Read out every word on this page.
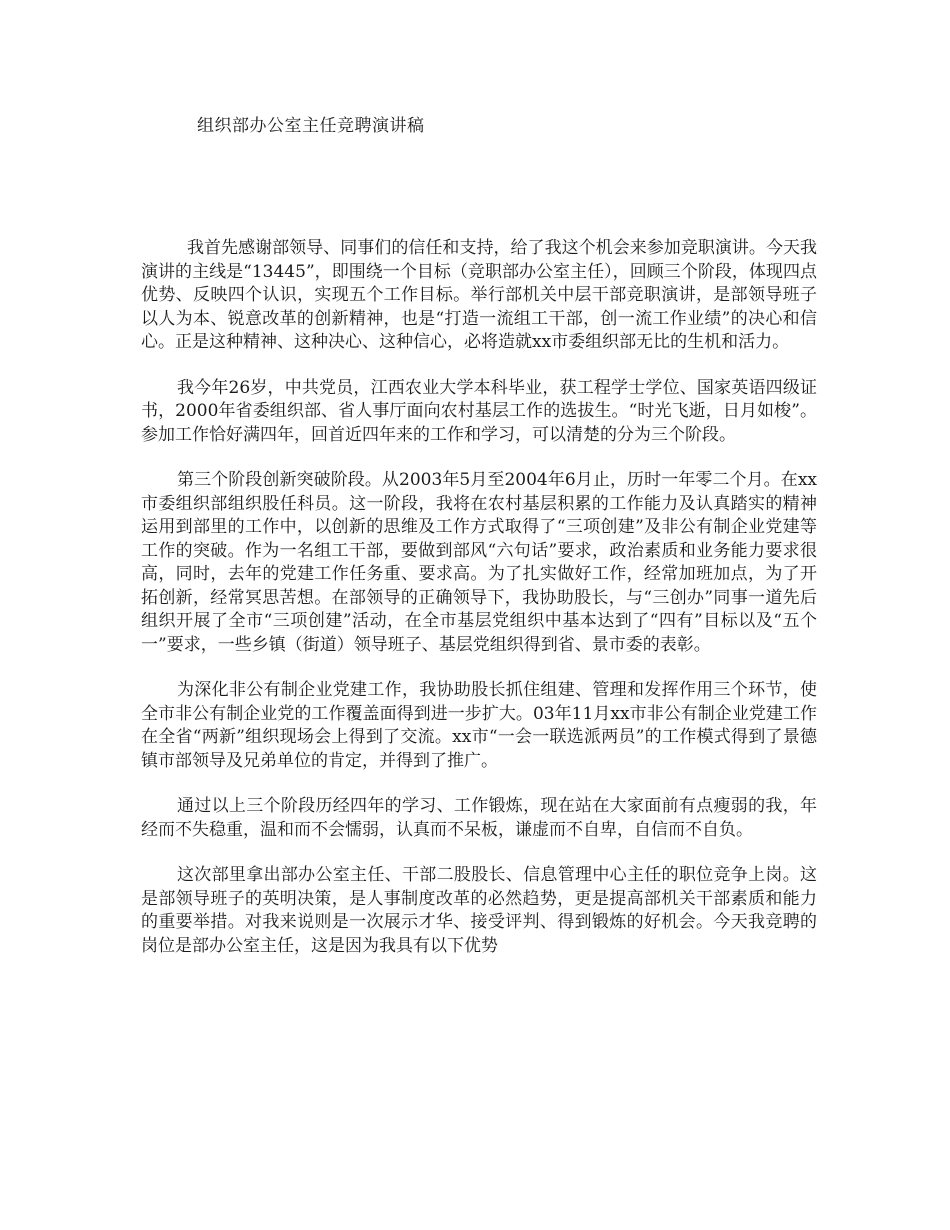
组织部办公室主任竞聘演讲稿

我首先感谢部领导、同事们的信任和支持，给了我这个机会来参加竞职演讲。今天我演讲的主线是“13445”，即围绕一个目标（竞职部办公室主任），回顾三个阶段，体现四点优势、反映四个认识，实现五个工作目标。举行部机关中层干部竞职演讲，是部领导班子以人为本、锐意改革的创新精神，也是“打造一流组工干部，创一流工作业绩”的决心和信心。正是这种精神、这种决心、这种信心，必将造就xx市委组织部无比的生机和活力。

我今年26岁，中共党员，江西农业大学本科毕业，获工程学士学位、国家英语四级证书，2000年省委组织部、省人事厅面向农村基层工作的选拔生。“时光飞逝，日月如梭”。参加工作恰好满四年，回首近四年来的工作和学习，可以清楚的分为三个阶段。

第三个阶段创新突破阶段。从2003年5月至2004年6月止，历时一年零二个月。在xx市委组织部组织股任科员。这一阶段，我将在农村基层积累的工作能力及认真踏实的精神运用到部里的工作中，以创新的思维及工作方式取得了“三项创建”及非公有制企业党建等工作的突破。作为一名组工干部，要做到部风“六句话”要求，政治素质和业务能力要求很高，同时，去年的党建工作任务重、要求高。为了扎实做好工作，经常加班加点，为了开拓创新，经常冥思苦想。在部领导的正确领导下，我协助股长，与“三创办”同事一道先后组织开展了全市“三项创建”活动，在全市基层党组织中基本达到了“四有”目标以及“五个一”要求，一些乡镇（街道）领导班子、基层党组织得到省、景市委的表彰。

为深化非公有制企业党建工作，我协助股长抓住组建、管理和发挥作用三个环节，使全市非公有制企业党的工作覆盖面得到进一步扩大。03年11月xx市非公有制企业党建工作在全省“两新”组织现场会上得到了交流。xx市“一会一联选派两员”的工作模式得到了景德镇市部领导及兄弟单位的肯定，并得到了推广。

通过以上三个阶段历经四年的学习、工作锻炼，现在站在大家面前有点瘦弱的我，年经而不失稳重，温和而不会懦弱，认真而不呆板，谦虚而不自卑，自信而不自负。

这次部里拿出部办公室主任、干部二股股长、信息管理中心主任的职位竞争上岗。这是部领导班子的英明决策，是人事制度改革的必然趋势，更是提高部机关干部素质和能力的重要举措。对我来说则是一次展示才华、接受评判、得到锻炼的好机会。今天我竞聘的岗位是部办公室主任，这是因为我具有以下优势
